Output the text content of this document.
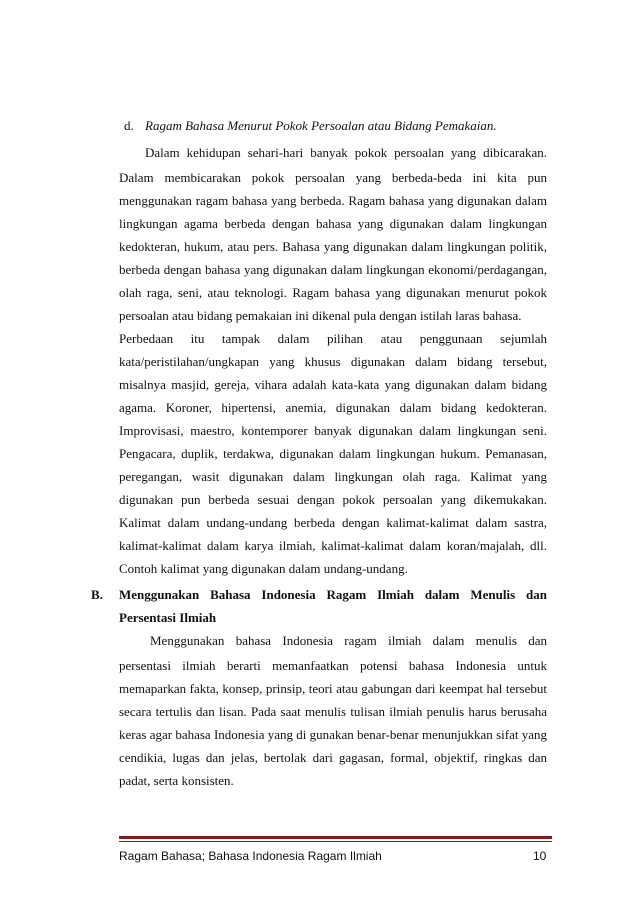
d. Ragam Bahasa Menurut Pokok Persoalan atau Bidang Pemakaian.
Dalam kehidupan sehari-hari banyak pokok persoalan yang dibicarakan.
Dalam membicarakan pokok persoalan yang berbeda-beda ini kita pun
menggunakan ragam bahasa yang berbeda. Ragam bahasa yang digunakan dalam
lingkungan agama berbeda dengan bahasa yang digunakan dalam lingkungan
kedokteran, hukum, atau pers. Bahasa yang digunakan dalam lingkungan politik,
berbeda dengan bahasa yang digunakan dalam lingkungan ekonomi/perdagangan,
olah raga, seni, atau teknologi. Ragam bahasa yang digunakan menurut pokok
persoalan atau bidang pemakaian ini dikenal pula dengan istilah laras bahasa.
Perbedaan itu tampak dalam pilihan atau penggunaan sejumlah
kata/peristilahan/ungkapan yang khusus digunakan dalam bidang tersebut,
misalnya masjid, gereja, vihara adalah kata-kata yang digunakan dalam bidang
agama. Koroner, hipertensi, anemia, digunakan dalam bidang kedokteran.
Improvisasi, maestro, kontemporer banyak digunakan dalam lingkungan seni.
Pengacara, duplik, terdakwa, digunakan dalam lingkungan hukum. Pemanasan,
peregangan, wasit digunakan dalam lingkungan olah raga. Kalimat yang
digunakan pun berbeda sesuai dengan pokok persoalan yang dikemukakan.
Kalimat dalam undang-undang berbeda dengan kalimat-kalimat dalam sastra,
kalimat-kalimat dalam karya ilmiah, kalimat-kalimat dalam koran/majalah, dll.
Contoh kalimat yang digunakan dalam undang-undang.
B. Menggunakan Bahasa Indonesia Ragam Ilmiah dalam Menulis dan
Persentasi Ilmiah
Menggunakan bahasa Indonesia ragam ilmiah dalam menulis dan
persentasi ilmiah berarti memanfaatkan potensi bahasa Indonesia untuk
memaparkan fakta, konsep, prinsip, teori atau gabungan dari keempat hal tersebut
secara tertulis dan lisan. Pada saat menulis tulisan ilmiah penulis harus berusaha
keras agar bahasa Indonesia yang di gunakan benar-benar menunjukkan sifat yang
cendikia, lugas dan jelas, bertolak dari gagasan, formal, objektif, ringkas dan
padat, serta konsisten.
Ragam Bahasa; Bahasa Indonesia Ragam Ilmiah	10
